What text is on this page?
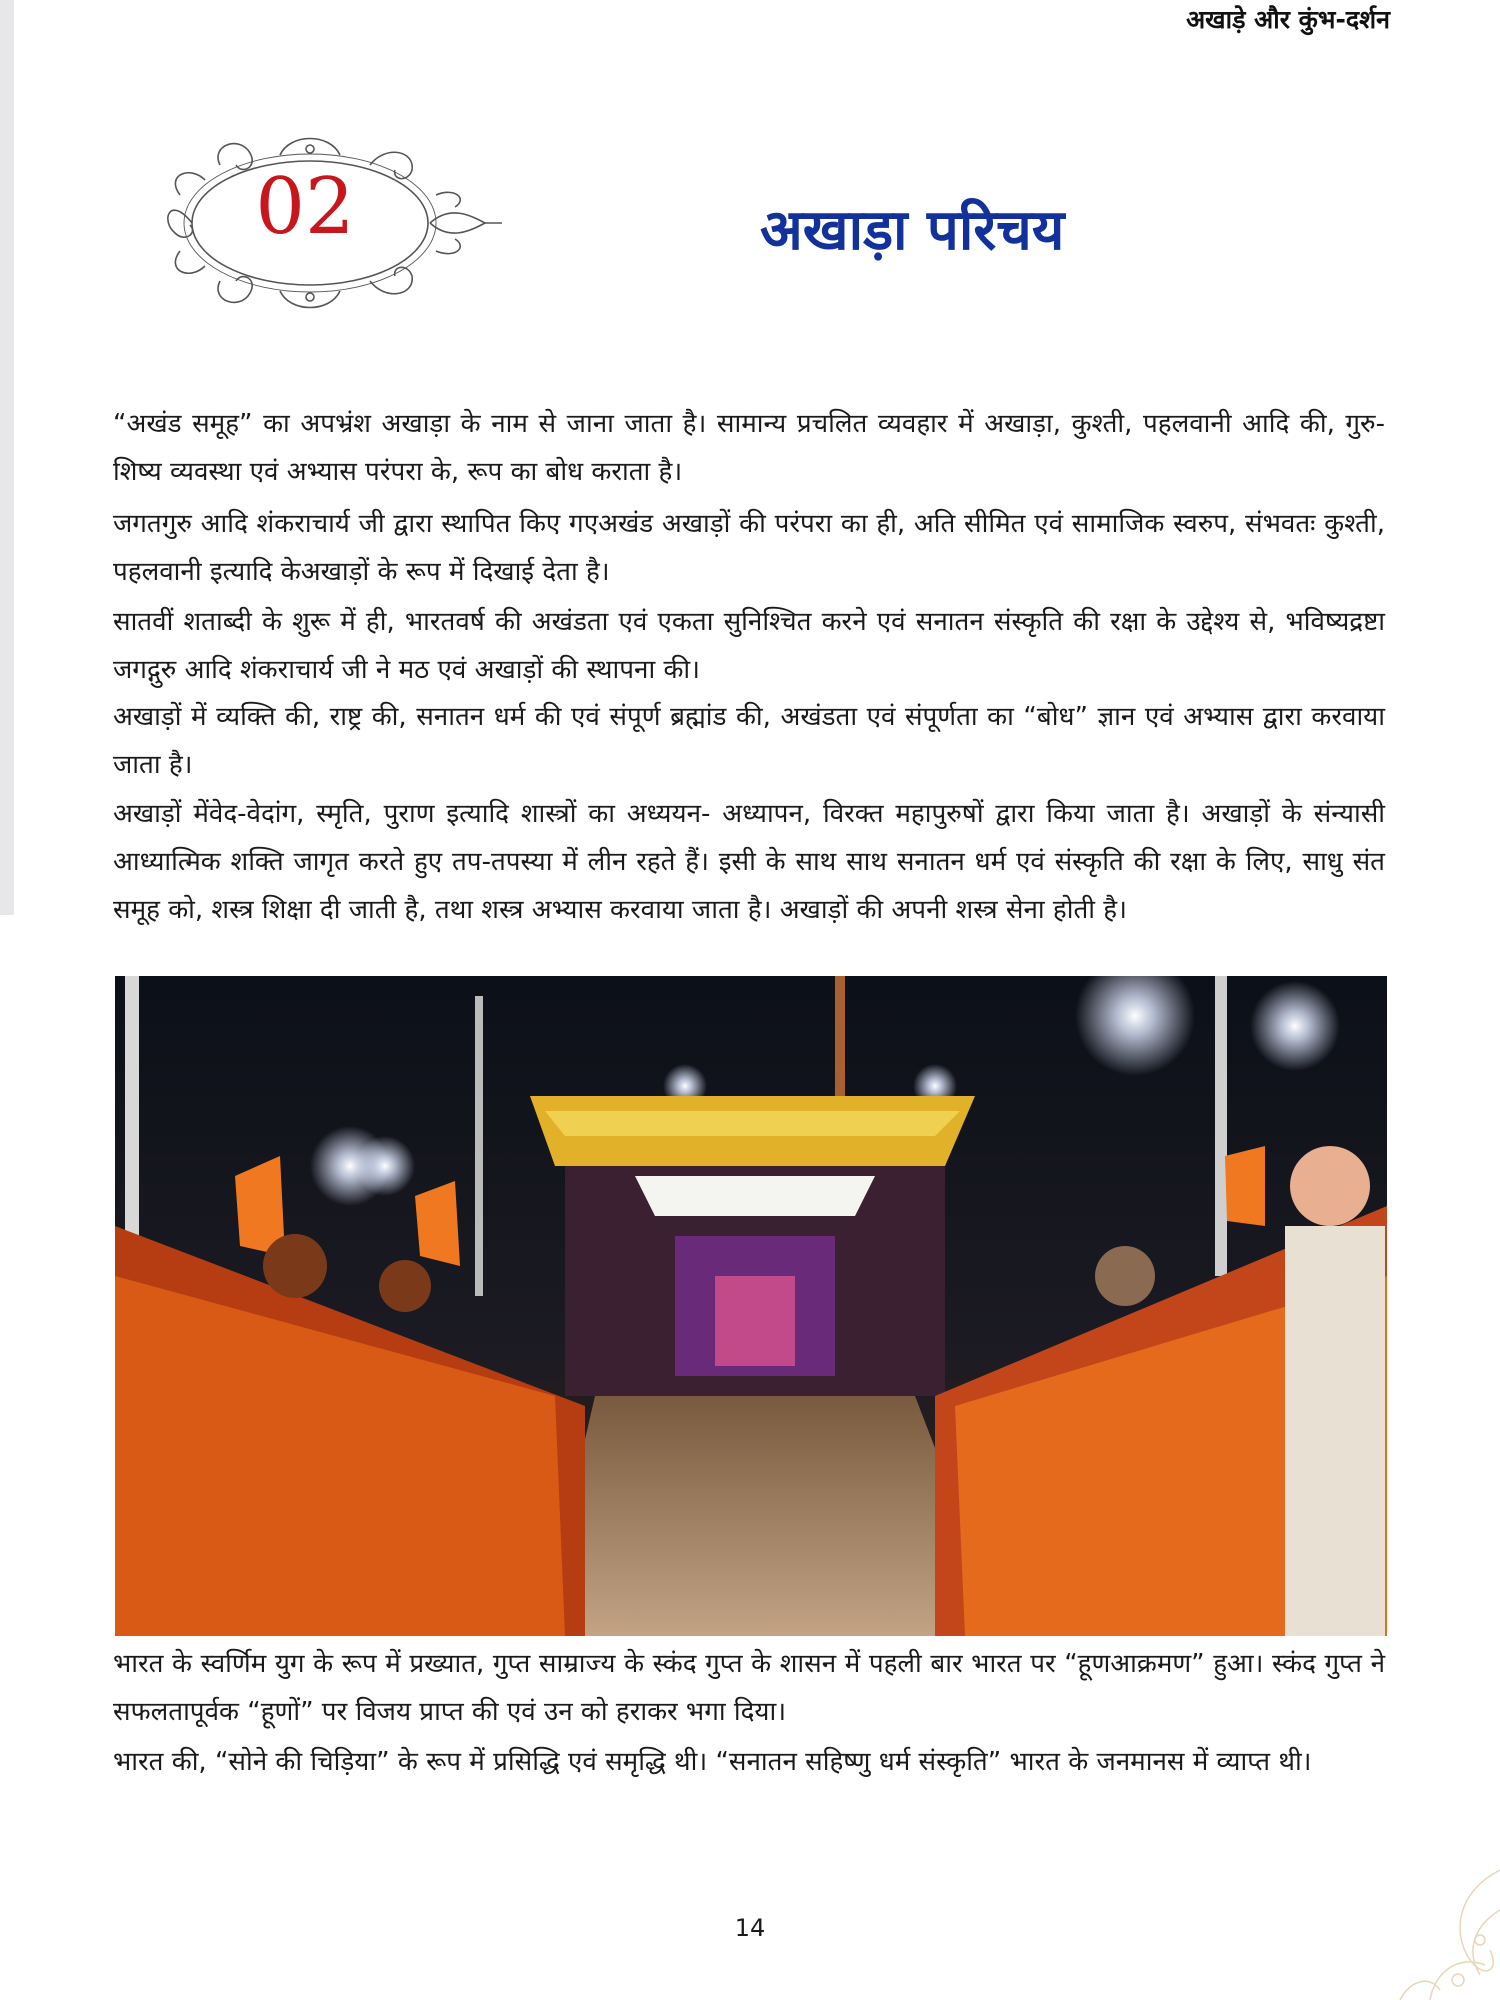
अखाड़े और कुंभ-दर्शन
02	अखाड़ा परिचय

“अखंड समूह” का अपभ्रंश अखाड़ा के नाम से जाना जाता है। सामान्य प्रचलित व्यवहार में अखाड़ा, कुश्ती, पहलवानी आदि की, गुरु-शिष्य व्यवस्था एवं अभ्यास परंपरा के, रूप का बोध कराता है।

जगतगुरु आदि शंकराचार्य जी द्वारा स्थापित किए गएअखंड अखाड़ों की परंपरा का ही, अति सीमित एवं सामाजिक स्वरुप, संभवतः कुश्ती, पहलवानी इत्यादि केअखाड़ों के रूप में दिखाई देता है।

सातवीं शताब्दी के शुरू में ही, भारतवर्ष की अखंडता एवं एकता सुनिश्चित करने एवं सनातन संस्कृति की रक्षा के उद्देश्य से, भविष्यद्रष्टा जगद्गुरु आदि शंकराचार्य जी ने मठ एवं अखाड़ों की स्थापना की।

अखाड़ों में व्यक्ति की, राष्ट्र की, सनातन धर्म की एवं संपूर्ण ब्रह्मांड की, अखंडता एवं संपूर्णता का “बोध” ज्ञान एवं अभ्यास द्वारा करवाया जाता है।

अखाड़ों मेंवेद-वेदांग, स्मृति, पुराण इत्यादि शास्त्रों का अध्ययन- अध्यापन, विरक्त महापुरुषों द्वारा किया जाता है। अखाड़ों के संन्यासी आध्यात्मिक शक्ति जागृत करते हुए तप-तपस्या में लीन रहते हैं। इसी के साथ साथ सनातन धर्म एवं संस्कृति की रक्षा के लिए, साधु संत समूह को, शस्त्र शिक्षा दी जाती है, तथा शस्त्र अभ्यास करवाया जाता है। अखाड़ों की अपनी शस्त्र सेना होती है।

भारत के स्वर्णिम युग के रूप में प्रख्यात, गुप्त साम्राज्य के स्कंद गुप्त के शासन में पहली बार भारत पर “हूणआक्रमण” हुआ। स्कंद गुप्त ने सफलतापूर्वक “हूणों” पर विजय प्राप्त की एवं उन को हराकर भगा दिया।

भारत की, “सोने की चिड़िया” के रूप में प्रसिद्धि एवं समृद्धि थी। “सनातन सहिष्णु धर्म संस्कृति” भारत के जनमानस में व्याप्त थी।

14
